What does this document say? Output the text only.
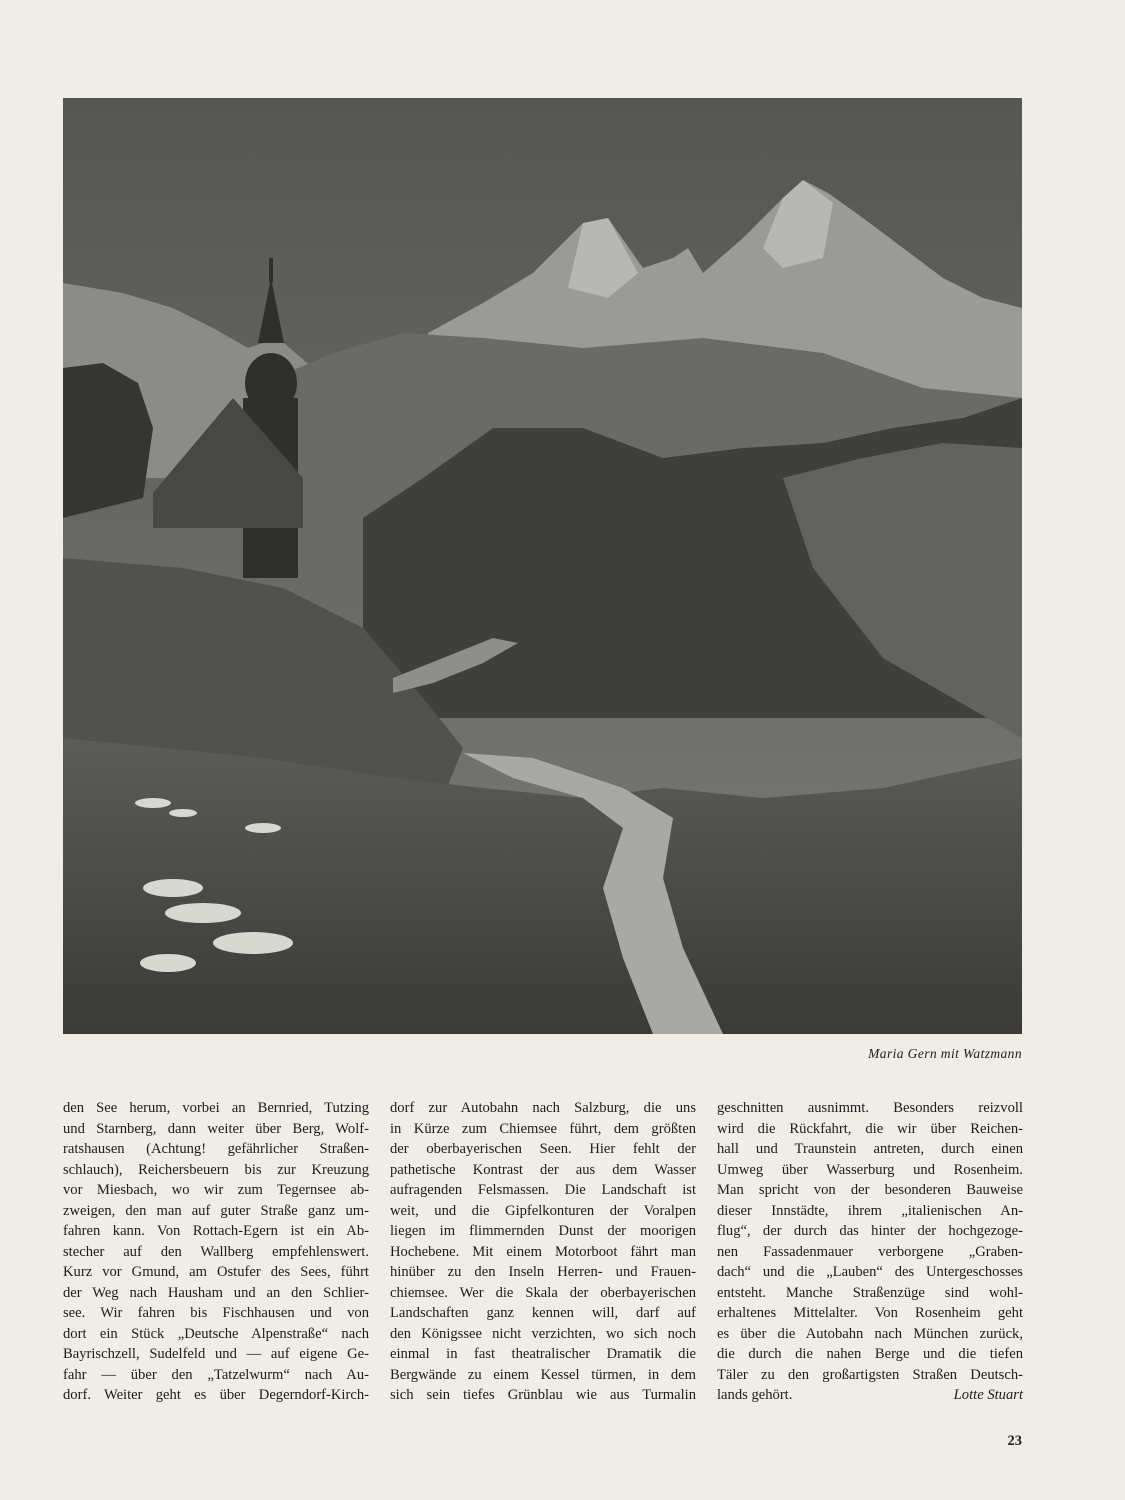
Maria Gern mit Watzmann
den See herum, vorbei an Bernried, Tutzing
und Starnberg, dann weiter über Berg, Wolf-
ratshausen (Achtung! gefährlicher Straßen-
schlauch), Reichersbeuern bis zur Kreuzung
vor Miesbach, wo wir zum Tegernsee ab-
zweigen, den man auf guter Straße ganz um-
fahren kann. Von Rottach-Egern ist ein Ab-
stecher auf den Wallberg empfehlenswert.
Kurz vor Gmund, am Ostufer des Sees, führt
der Weg nach Hausham und an den Schlier-
see. Wir fahren bis Fischhausen und von
dort ein Stück „Deutsche Alpenstraße“ nach
Bayrischzell, Sudelfeld und — auf eigene Ge-
fahr — über den „Tatzelwurm“ nach Au-
dorf. Weiter geht es über Degerndorf-Kirch-
dorf zur Autobahn nach Salzburg, die uns
in Kürze zum Chiemsee führt, dem größten
der oberbayerischen Seen. Hier fehlt der
pathetische Kontrast der aus dem Wasser
aufragenden Felsmassen. Die Landschaft ist
weit, und die Gipfelkonturen der Voralpen
liegen im flimmernden Dunst der moorigen
Hochebene. Mit einem Motorboot fährt man
hinüber zu den Inseln Herren- und Frauen-
chiemsee. Wer die Skala der oberbayerischen
Landschaften ganz kennen will, darf auf
den Königssee nicht verzichten, wo sich noch
einmal in fast theatralischer Dramatik die
Bergwände zu einem Kessel türmen, in dem
sich sein tiefes Grünblau wie aus Turmalin
geschnitten ausnimmt. Besonders reizvoll
wird die Rückfahrt, die wir über Reichen-
hall und Traunstein antreten, durch einen
Umweg über Wasserburg und Rosenheim.
Man spricht von der besonderen Bauweise
dieser Innstädte, ihrem „italienischen An-
flug“, der durch das hinter der hochgezoge-
nen Fassadenmauer verborgene „Graben-
dach“ und die „Lauben“ des Untergeschosses
entsteht. Manche Straßenzüge sind wohl-
erhaltenes Mittelalter. Von Rosenheim geht
es über die Autobahn nach München zurück,
die durch die nahen Berge und die tiefen
Täler zu den großartigsten Straßen Deutsch-
lands gehört.	Lotte Stuart
23
